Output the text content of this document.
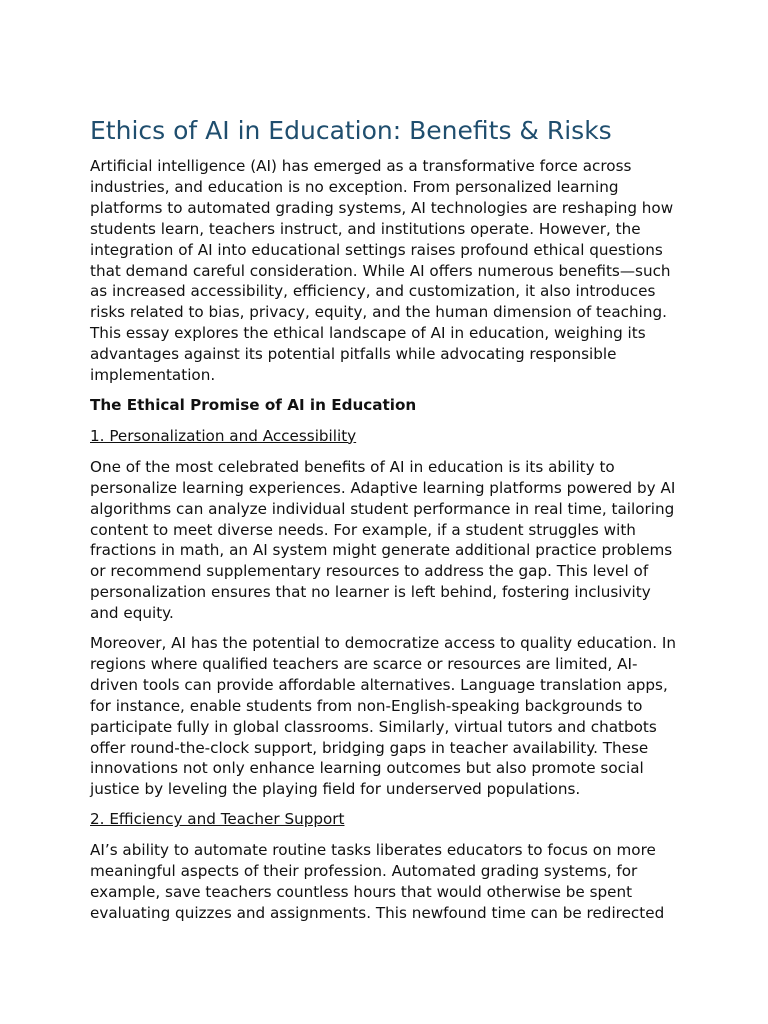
Ethics of AI in Education: Benefits & Risks

Artificial intelligence (AI) has emerged as a transformative force across industries, and education is no exception. From personalized learning platforms to automated grading systems, AI technologies are reshaping how students learn, teachers instruct, and institutions operate. However, the integration of AI into educational settings raises profound ethical questions that demand careful consideration. While AI offers numerous benefits—such as increased accessibility, efficiency, and customization, it also introduces risks related to bias, privacy, equity, and the human dimension of teaching. This essay explores the ethical landscape of AI in education, weighing its advantages against its potential pitfalls while advocating responsible implementation.

The Ethical Promise of AI in Education
1. Personalization and Accessibility

One of the most celebrated benefits of AI in education is its ability to personalize learning experiences. Adaptive learning platforms powered by AI algorithms can analyze individual student performance in real time, tailoring content to meet diverse needs. For example, if a student struggles with fractions in math, an AI system might generate additional practice problems or recommend supplementary resources to address the gap. This level of personalization ensures that no learner is left behind, fostering inclusivity and equity.

Moreover, AI has the potential to democratize access to quality education. In regions where qualified teachers are scarce or resources are limited, AI-driven tools can provide affordable alternatives. Language translation apps, for instance, enable students from non-English-speaking backgrounds to participate fully in global classrooms. Similarly, virtual tutors and chatbots offer round-the-clock support, bridging gaps in teacher availability. These innovations not only enhance learning outcomes but also promote social justice by leveling the playing field for underserved populations.

2. Efficiency and Teacher Support

AI’s ability to automate routine tasks liberates educators to focus on more meaningful aspects of their profession. Automated grading systems, for example, save teachers countless hours that would otherwise be spent evaluating quizzes and assignments. This newfound time can be redirected
